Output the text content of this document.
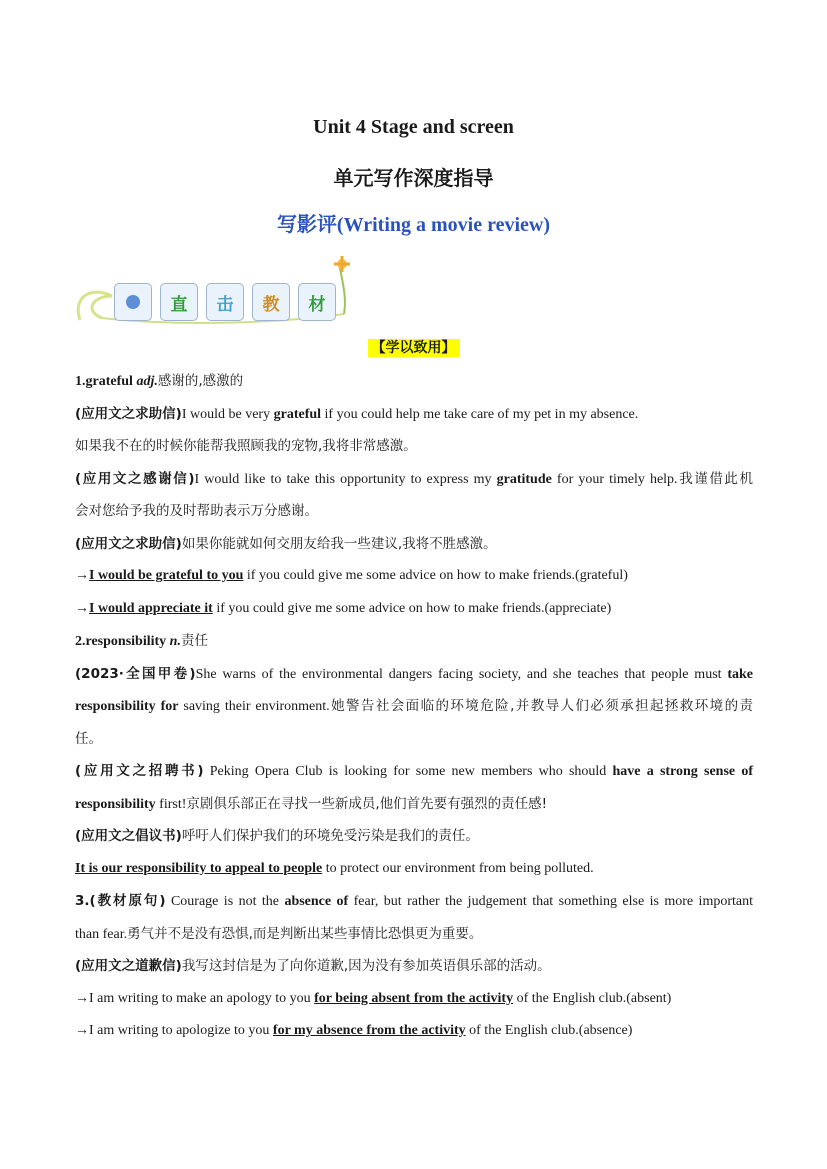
Unit 4 Stage and screen
单元写作深度指导
写影评(Writing a movie review)
直	击	教	材
【学以致用】
1.grateful adj.感谢的,感激的
(应用文之求助信)I would be very grateful if you could help me take care of my pet in my absence.
如果我不在的时候你能帮我照顾我的宠物,我将非常感激。
(应用文之感谢信)I would like to take this opportunity to express my gratitude for your timely help.我谨借此机
会对您给予我的及时帮助表示万分感谢。
(应用文之求助信)如果你能就如何交朋友给我一些建议,我将不胜感激。
→I would be grateful to you if you could give me some advice on how to make friends.(grateful)
→I would appreciate it if you could give me some advice on how to make friends.(appreciate)
2.responsibility n.责任
(2023·全国甲卷)She warns of the environmental dangers facing society, and she teaches that people must take
responsibility for saving their environment.她警告社会面临的环境危险,并教导人们必须承担起拯救环境的责
任。
(应用文之招聘书) Peking Opera Club is looking for some new members who should have a strong sense of
responsibility first!京剧俱乐部正在寻找一些新成员,他们首先要有强烈的责任感!
(应用文之倡议书)呼吁人们保护我们的环境免受污染是我们的责任。
It is our responsibility to appeal to people to protect our environment from being polluted.
3.(教材原句) Courage is not the absence of fear, but rather the judgement that something else is more important
than fear.勇气并不是没有恐惧,而是判断出某些事情比恐惧更为重要。
(应用文之道歉信)我写这封信是为了向你道歉,因为没有参加英语俱乐部的活动。
→I am writing to make an apology to you for being absent from the activity of the English club.(absent)
→I am writing to apologize to you for my absence from the activity of the English club.(absence)
